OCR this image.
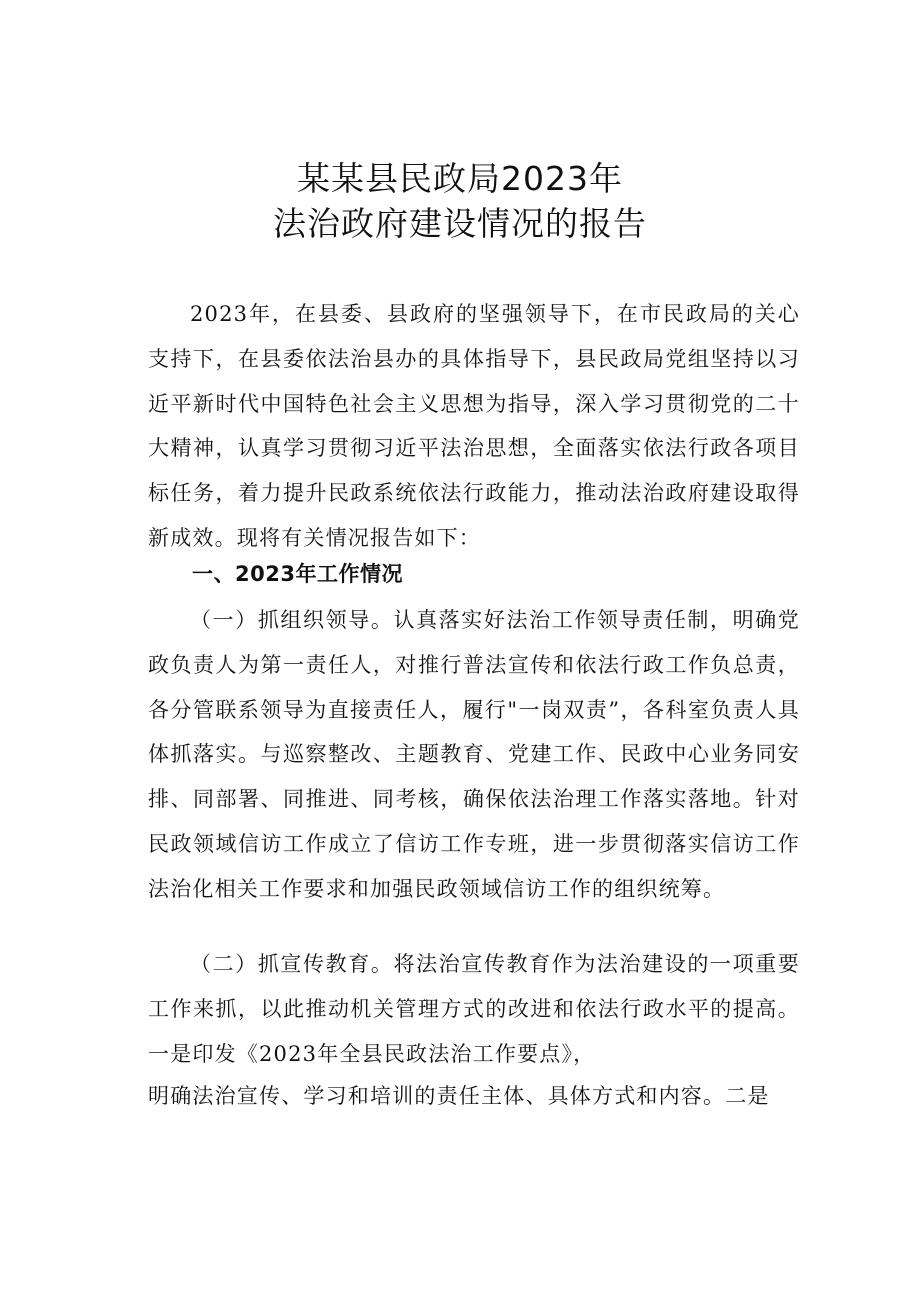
某某县民政局2023年
法治政府建设情况的报告

2023年，在县委、县政府的坚强领导下，在市民政局的关心支持下，在县委依法治县办的具体指导下，县民政局党组坚持以习近平新时代中国特色社会主义思想为指导，深入学习贯彻党的二十大精神，认真学习贯彻习近平法治思想，全面落实依法行政各项目标任务，着力提升民政系统依法行政能力，推动法治政府建设取得新成效。现将有关情况报告如下：

一、2023年工作情况

（一）抓组织领导。认真落实好法治工作领导责任制，明确党政负责人为第一责任人，对推行普法宣传和依法行政工作负总责，各分管联系领导为直接责任人，履行"一岗双责”，各科室负责人具体抓落实。与巡察整改、主题教育、党建工作、民政中心业务同安排、同部署、同推进、同考核，确保依法治理工作落实落地。针对民政领域信访工作成立了信访工作专班，进一步贯彻落实信访工作法治化相关工作要求和加强民政领域信访工作的组织统筹。

（二）抓宣传教育。将法治宣传教育作为法治建设的一项重要工作来抓，以此推动机关管理方式的改进和依法行政水平的提高。一是印发《2023年全县民政法治工作要点》，

明确法治宣传、学习和培训的责任主体、具体方式和内容。二是
